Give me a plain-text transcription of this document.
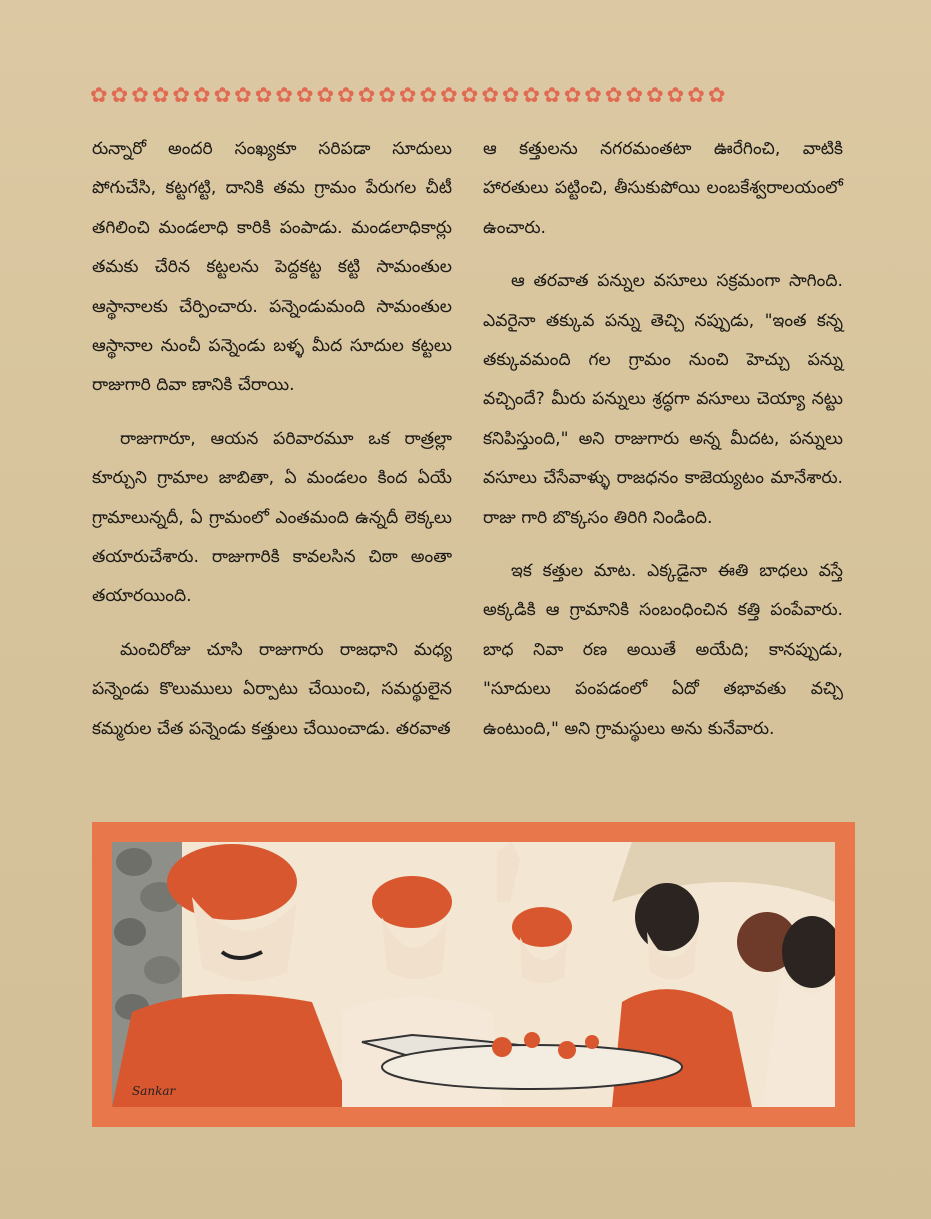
✿✿✿✿✿✿✿✿✿✿✿✿✿✿✿✿✿✿✿✿✿✿✿✿✿✿✿✿✿✿✿

రున్నారో అందరి సంఖ్యకూ సరిపడా సూదులు పోగుచేసి, కట్టగట్టి, దానికి తమ గ్రామం పేరుగల చీటీ తగిలించి మండలాధి కారికి పంపాడు. మండలాధికార్లు తమకు చేరిన కట్టలను పెద్దకట్ట కట్టి సామంతుల ఆస్థానాలకు చేర్పించారు. పన్నెండుమంది సామంతుల ఆస్థానాల నుంచీ పన్నెండు బళ్ళ మీద సూదుల కట్టలు రాజుగారి దివా ణానికి చేరాయి.

రాజుగారూ, ఆయన పరివారమూ ఒక రాత్రల్లా కూర్చుని గ్రామాల జాబితా, ఏ మండలం కింద ఏయే గ్రామాలున్నదీ, ఏ గ్రామంలో ఎంతమంది ఉన్నదీ లెక్కలు తయారుచేశారు. రాజుగారికి కావలసిన చిఠా అంతా తయారయింది.

మంచిరోజు చూసి రాజుగారు రాజధాని మధ్య పన్నెండు కొలుములు ఏర్పాటు చేయించి, సమర్థులైన కమ్మరుల చేత పన్నెండు కత్తులు చేయించాడు. తరవాత

ఆ కత్తులను నగరమంతటా ఊరేగించి, వాటికి హారతులు పట్టించి, తీసుకుపోయి లంబకేశ్వరాలయంలో ఉంచారు.

ఆ తరవాత పన్నుల వసూలు సక్రమంగా సాగింది. ఎవరైనా తక్కువ పన్ను తెచ్చి నప్పుడు, "ఇంత కన్న తక్కువమంది గల గ్రామం నుంచి హెచ్చు పన్ను వచ్చిందే? మీరు పన్నులు శ్రద్ధగా వసూలు చెయ్యా నట్టు కనిపిస్తుంది," అని రాజుగారు అన్న మీదట, పన్నులు వసూలు చేసేవాళ్ళు రాజధనం కాజెయ్యటం మానేశారు. రాజు గారి బొక్కసం తిరిగి నిండింది.

ఇక కత్తుల మాట. ఎక్కడైనా ఈతి బాధలు వస్తే అక్కడికి ఆ గ్రామానికి సంబంధించిన కత్తి పంపేవారు. బాధ నివా రణ అయితే అయేది; కానప్పుడు, "సూదులు పంపడంలో ఏదో తభావతు వచ్చి ఉంటుంది," అని గ్రామస్థులు అను కునేవారు.

Sankar
